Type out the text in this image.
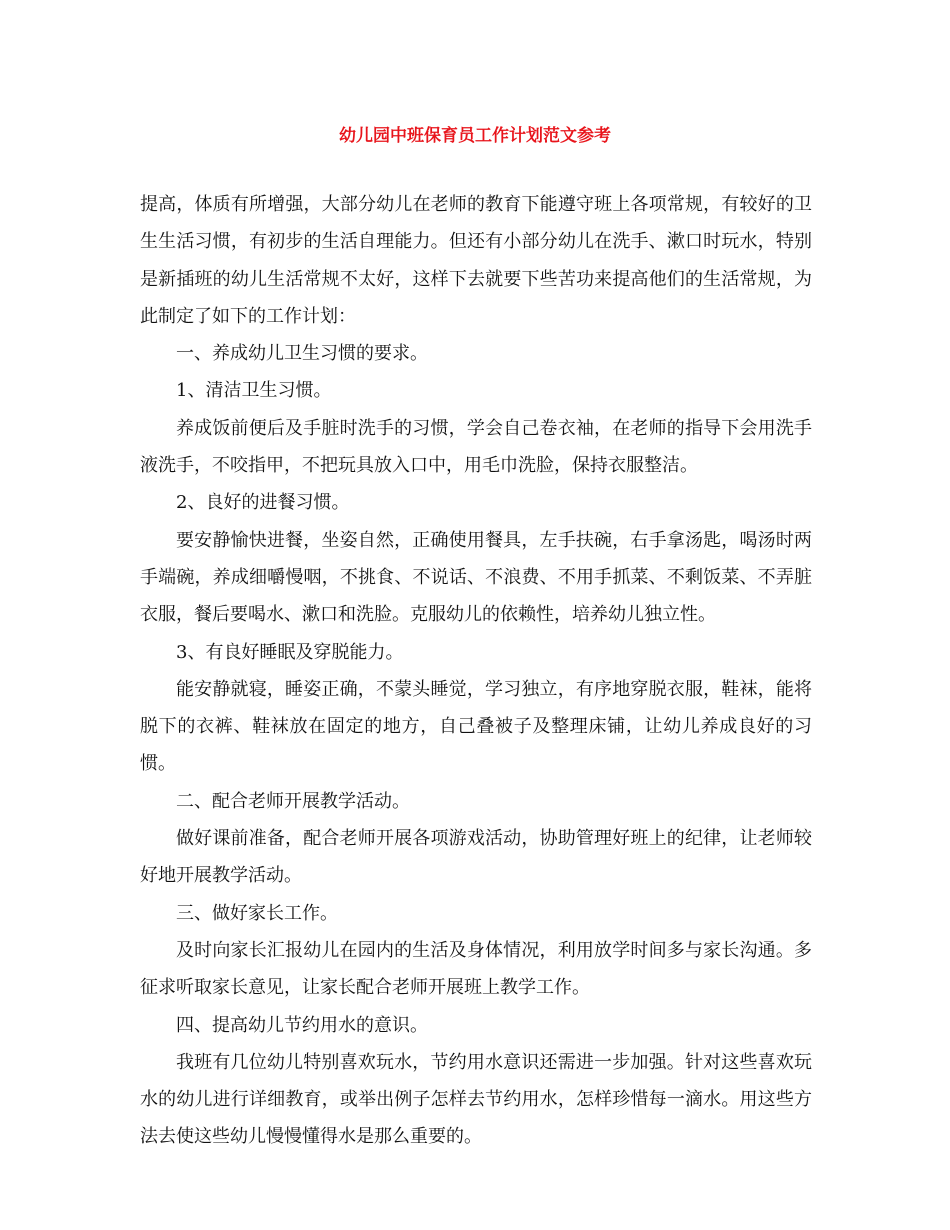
幼儿园中班保育员工作计划范文参考

提高，体质有所增强，大部分幼儿在老师的教育下能遵守班上各项常规，有较好的卫生生活习惯，有初步的生活自理能力。但还有小部分幼儿在洗手、漱口时玩水，特别是新插班的幼儿生活常规不太好，这样下去就要下些苦功来提高他们的生活常规，为此制定了如下的工作计划：

一、养成幼儿卫生习惯的要求。

1、清洁卫生习惯。

养成饭前便后及手脏时洗手的习惯，学会自己卷衣袖，在老师的指导下会用洗手液洗手，不咬指甲，不把玩具放入口中，用毛巾洗脸，保持衣服整洁。

2、良好的进餐习惯。

要安静愉快进餐，坐姿自然，正确使用餐具，左手扶碗，右手拿汤匙，喝汤时两手端碗，养成细嚼慢咽，不挑食、不说话、不浪费、不用手抓菜、不剩饭菜、不弄脏衣服，餐后要喝水、漱口和洗脸。克服幼儿的依赖性，培养幼儿独立性。

3、有良好睡眠及穿脱能力。

能安静就寝，睡姿正确，不蒙头睡觉，学习独立，有序地穿脱衣服，鞋袜，能将脱下的衣裤、鞋袜放在固定的地方，自己叠被子及整理床铺，让幼儿养成良好的习惯。

二、配合老师开展教学活动。

做好课前准备，配合老师开展各项游戏活动，协助管理好班上的纪律，让老师较好地开展教学活动。

三、做好家长工作。

及时向家长汇报幼儿在园内的生活及身体情况，利用放学时间多与家长沟通。多征求听取家长意见，让家长配合老师开展班上教学工作。

四、提高幼儿节约用水的意识。

我班有几位幼儿特别喜欢玩水，节约用水意识还需进一步加强。针对这些喜欢玩水的幼儿进行详细教育，或举出例子怎样去节约用水，怎样珍惜每一滴水。用这些方法去使这些幼儿慢慢懂得水是那么重要的。
